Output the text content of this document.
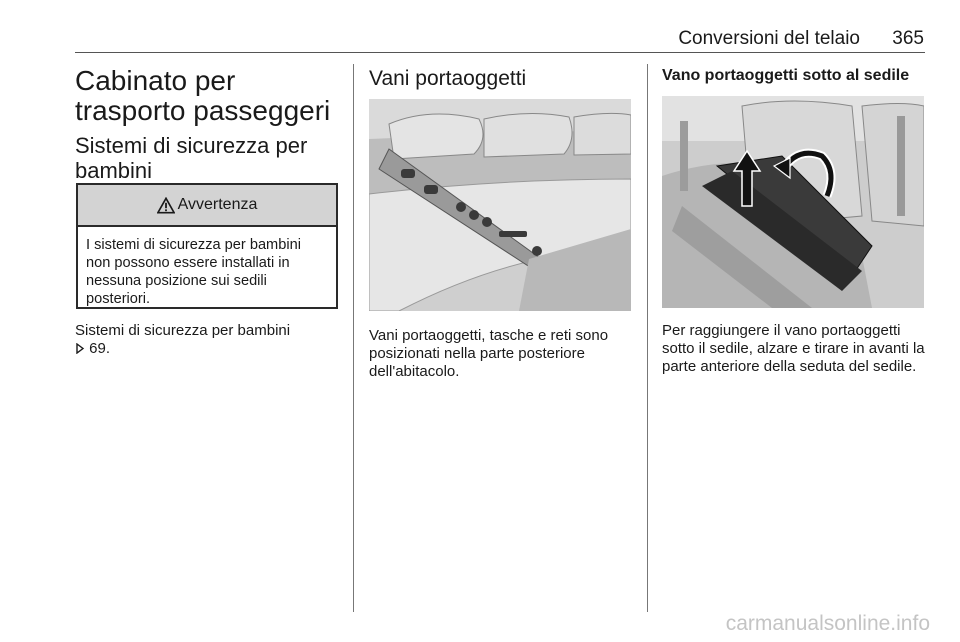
Conversioni del telaio	365
Cabinato per trasporto passeggeri
Sistemi di sicurezza per bambini
Avvertenza
I sistemi di sicurezza per bambini non possono essere installati in nessuna posizione sui sedili posteriori.
Sistemi di sicurezza per bambini
69.
Vani portaoggetti

Vani portaoggetti, tasche e reti sono posizionati nella parte posteriore dell'abitacolo.

Vano portaoggetti sotto al sedile

Per raggiungere il vano portaoggetti sotto il sedile, alzare e tirare in avanti la parte anteriore della seduta del sedile.

carmanualsonline.info
